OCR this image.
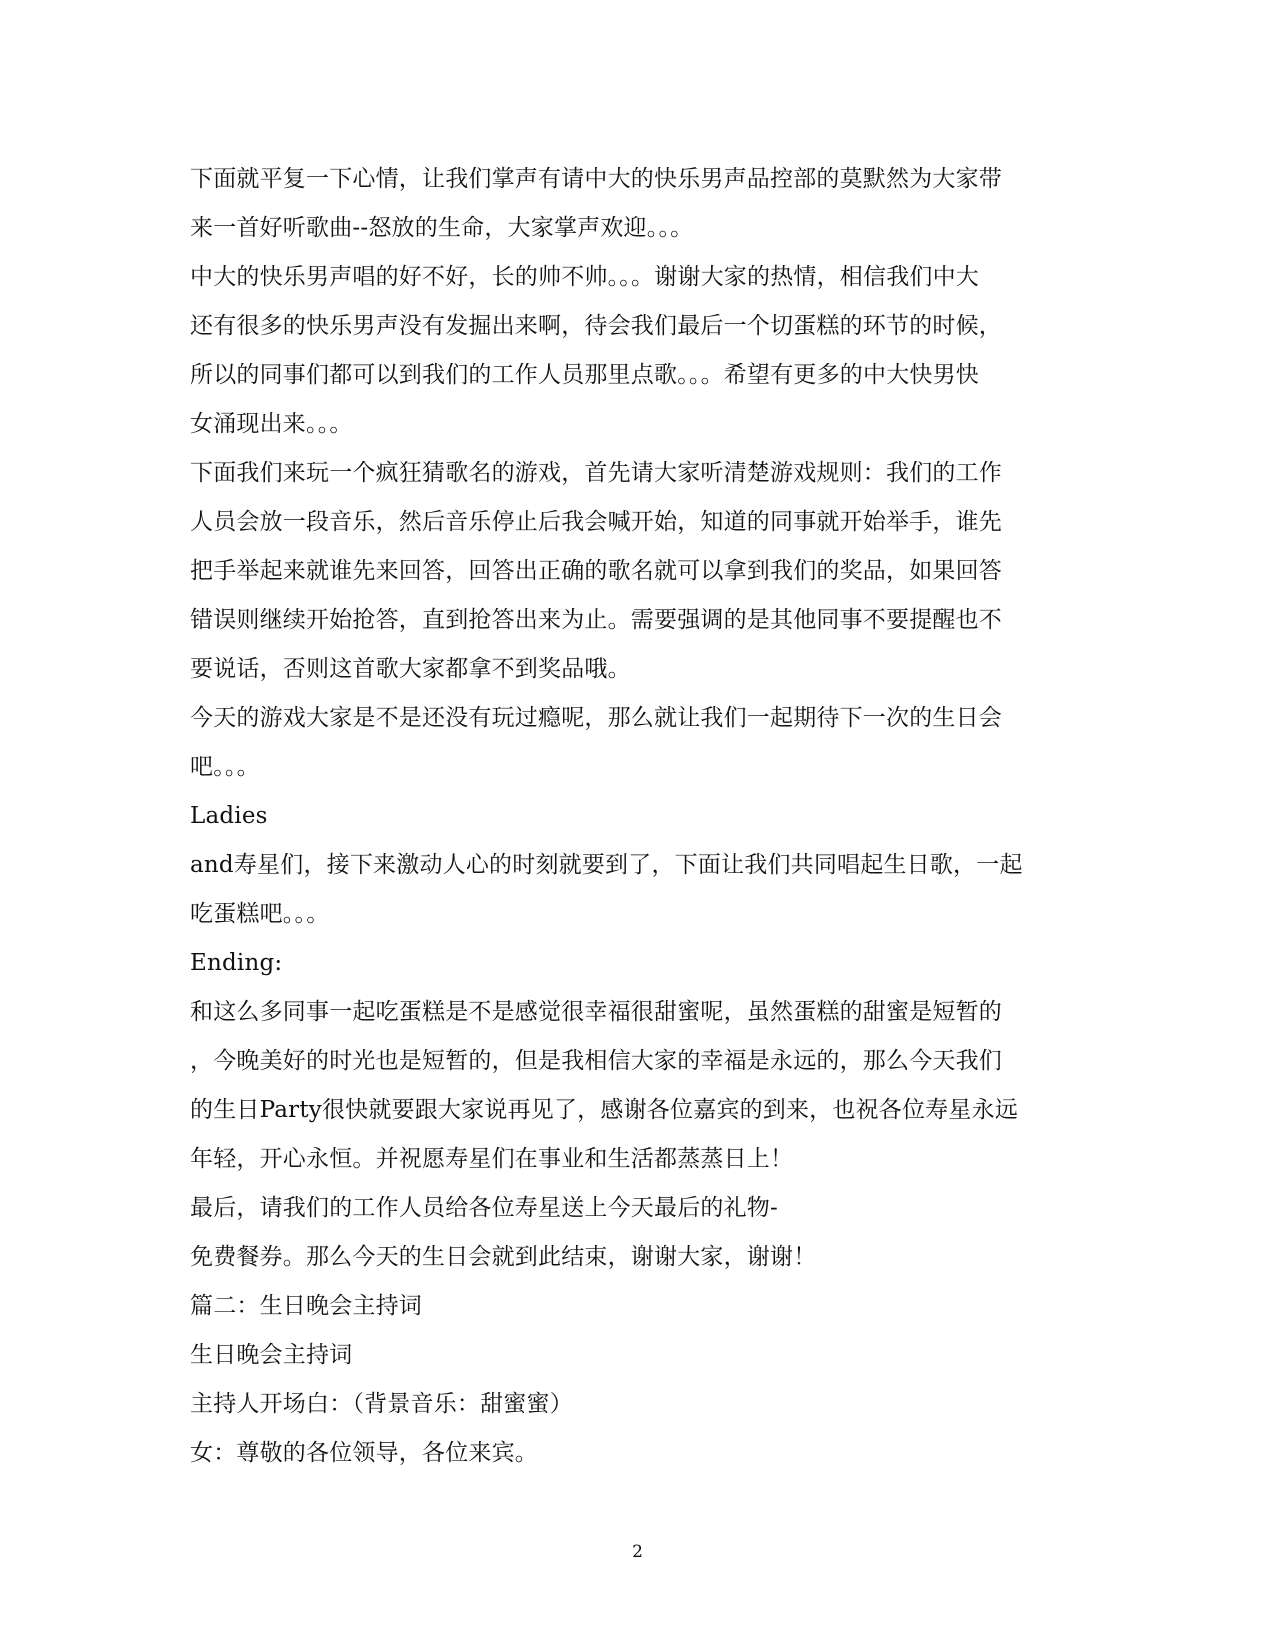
下面就平复一下心情，让我们掌声有请中大的快乐男声品控部的莫默然为大家带
来一首好听歌曲--怒放的生命，大家掌声欢迎。。。
中大的快乐男声唱的好不好，长的帅不帅。。。谢谢大家的热情，相信我们中大
还有很多的快乐男声没有发掘出来啊，待会我们最后一个切蛋糕的环节的时候，
所以的同事们都可以到我们的工作人员那里点歌。。。希望有更多的中大快男快
女涌现出来。。。
下面我们来玩一个疯狂猜歌名的游戏，首先请大家听清楚游戏规则：我们的工作
人员会放一段音乐，然后音乐停止后我会喊开始，知道的同事就开始举手，谁先
把手举起来就谁先来回答，回答出正确的歌名就可以拿到我们的奖品，如果回答
错误则继续开始抢答，直到抢答出来为止。需要强调的是其他同事不要提醒也不
要说话，否则这首歌大家都拿不到奖品哦。
今天的游戏大家是不是还没有玩过瘾呢，那么就让我们一起期待下一次的生日会
吧。。。
Ladies
and寿星们，接下来激动人心的时刻就要到了，下面让我们共同唱起生日歌，一起
吃蛋糕吧。。。
Ending:
和这么多同事一起吃蛋糕是不是感觉很幸福很甜蜜呢，虽然蛋糕的甜蜜是短暂的
，今晚美好的时光也是短暂的，但是我相信大家的幸福是永远的，那么今天我们
的生日Party很快就要跟大家说再见了，感谢各位嘉宾的到来，也祝各位寿星永远
年轻，开心永恒。并祝愿寿星们在事业和生活都蒸蒸日上！
最后，请我们的工作人员给各位寿星送上今天最后的礼物-
免费餐券。那么今天的生日会就到此结束，谢谢大家，谢谢！
篇二：生日晚会主持词
生日晚会主持词
主持人开场白：（背景音乐：甜蜜蜜）
女：尊敬的各位领导，各位来宾。
2
